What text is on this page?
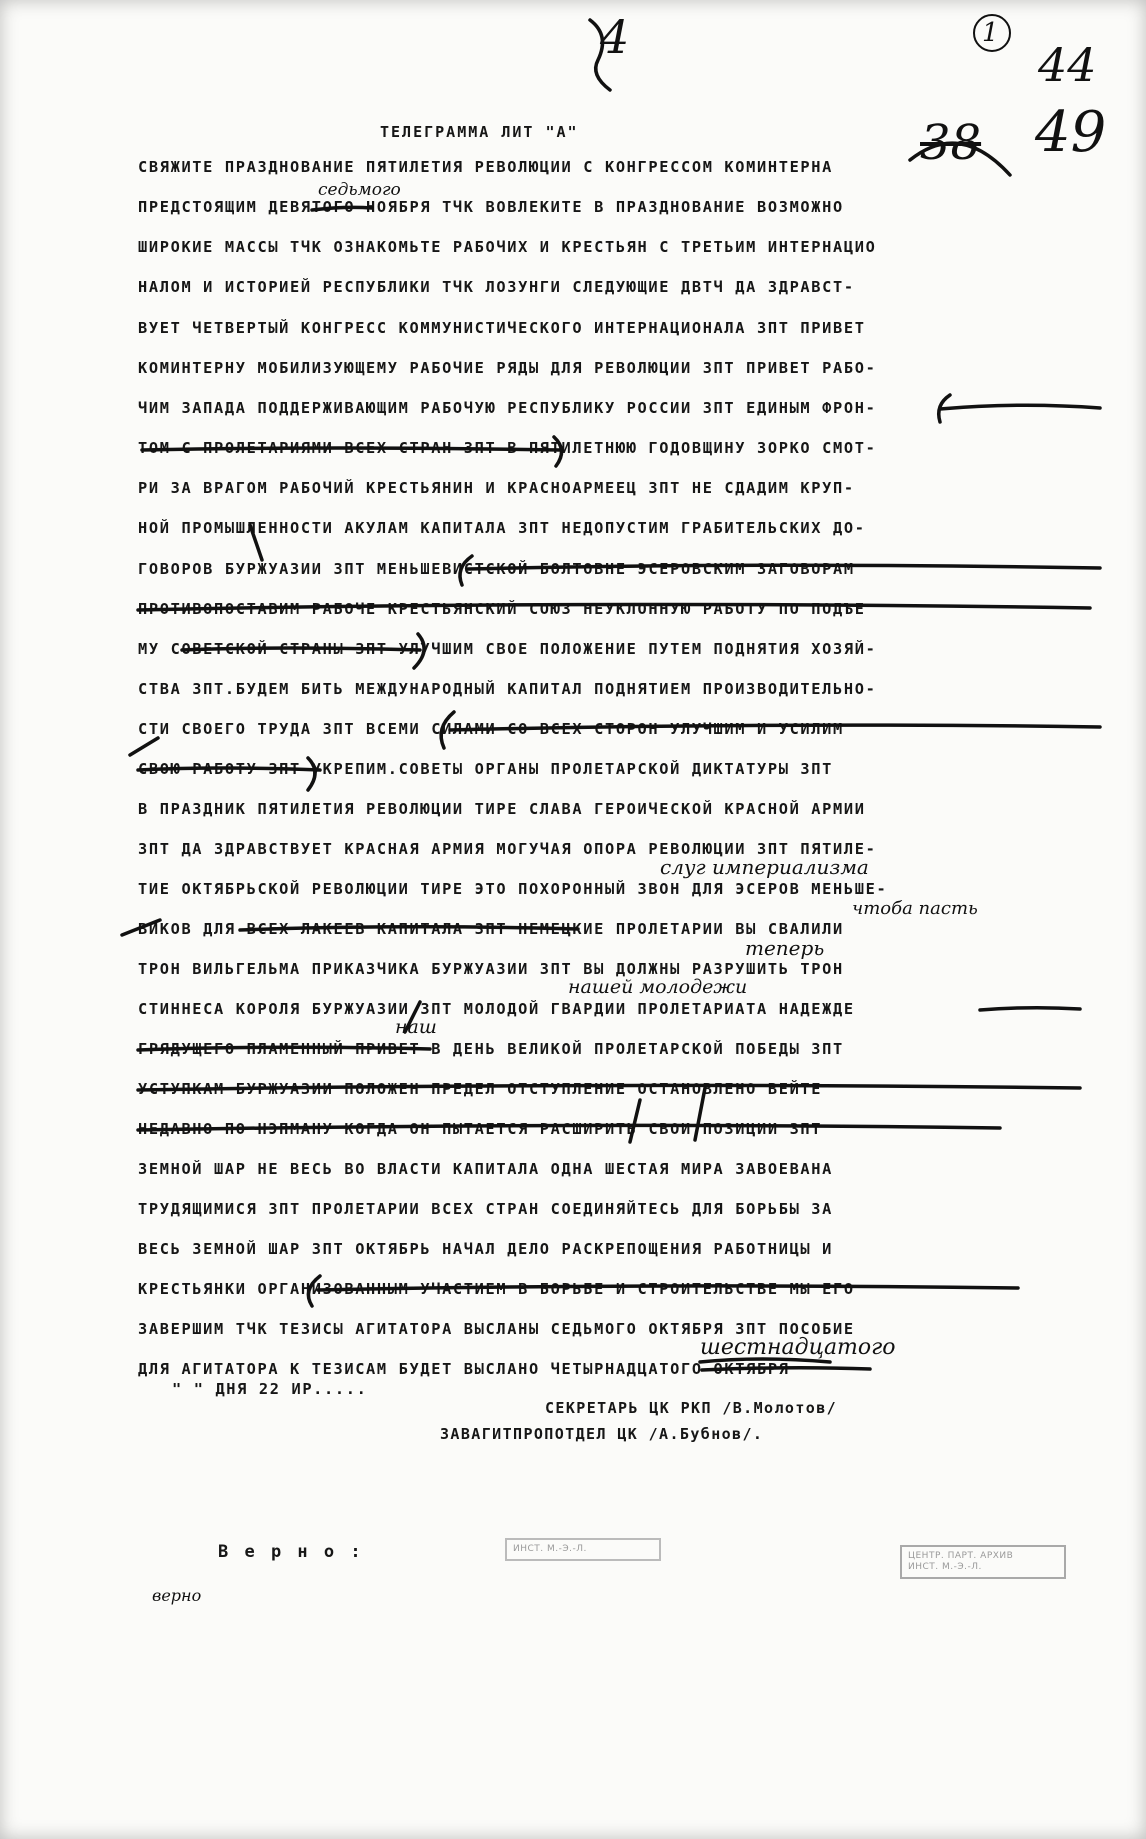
ТЕЛЕГРАММА ЛИТ "А"
СВЯЖИТЕ ПРАЗДНОВАНИЕ ПЯТИЛЕТИЯ РЕВОЛЮЦИИ С КОНГРЕССОМ КОМИНТЕРНА
ПРЕДСТОЯЩИМ ДЕВЯТОГО НОЯБРЯ ТЧК ВОВЛЕКИТЕ В ПРАЗДНОВАНИЕ ВОЗМОЖНО
ШИРОКИЕ МАССЫ ТЧК ОЗНАКОМЬТЕ РАБОЧИХ И КРЕСТЬЯН С ТРЕТЬИМ ИНТЕРНАЦИО
НАЛОМ И ИСТОРИЕЙ РЕСПУБЛИКИ ТЧК ЛОЗУНГИ СЛЕДУЮЩИЕ ДВТЧ ДА ЗДРАВСТ-
ВУЕТ ЧЕТВЕРТЫЙ КОНГРЕСС КОММУНИСТИЧЕСКОГО ИНТЕРНАЦИОНАЛА ЗПТ ПРИВЕТ
КОМИНТЕРНУ МОБИЛИЗУЮЩЕМУ РАБОЧИЕ РЯДЫ ДЛЯ РЕВОЛЮЦИИ ЗПТ ПРИВЕТ РАБО-
ЧИМ ЗАПАДА ПОДДЕРЖИВАЮЩИМ РАБОЧУЮ РЕСПУБЛИКУ РОССИИ ЗПТ ЕДИНЫМ ФРОН-
ТОМ С ПРОЛЕТАРИЯМИ ВСЕХ СТРАН ЗПТ В ПЯТИЛЕТНЮЮ ГОДОВЩИНУ ЗОРКО СМОТ-
РИ ЗА ВРАГОМ РАБОЧИЙ КРЕСТЬЯНИН И КРАСНОАРМЕЕЦ ЗПТ НЕ СДАДИМ КРУП-
НОЙ ПРОМЫШЛЕННОСТИ АКУЛАМ КАПИТАЛА ЗПТ НЕДОПУСТИМ ГРАБИТЕЛЬСКИХ ДО-
ГОВОРОВ БУРЖУАЗИИ ЗПТ МЕНЬШЕВИСТСКОЙ БОЛТОВНЕ ЭСЕРОВСКИМ ЗАГОВОРАМ
ПРОТИВОПОСТАВИМ РАБОЧЕ КРЕСТЬЯНСКИЙ СОЮЗ НЕУКЛОННУЮ РАБОТУ ПО ПОДЪЕ
МУ СОВЕТСКОЙ СТРАНЫ ЗПТ УЛУЧШИМ СВОЕ ПОЛОЖЕНИЕ ПУТЕМ ПОДНЯТИЯ ХОЗЯЙ-
СТВА ЗПТ.БУДЕМ БИТЬ МЕЖДУНАРОДНЫЙ КАПИТАЛ ПОДНЯТИЕМ ПРОИЗВОДИТЕЛЬНО-
СТИ СВОЕГО ТРУДА ЗПТ ВСЕМИ СИЛАМИ СО ВСЕХ СТОРОН УЛУЧШИМ И УСИЛИМ
СВОЮ РАБОТУ ЗПТ УКРЕПИМ.СОВЕТЫ ОРГАНЫ ПРОЛЕТАРСКОЙ ДИКТАТУРЫ ЗПТ
В ПРАЗДНИК ПЯТИЛЕТИЯ РЕВОЛЮЦИИ ТИРЕ СЛАВА ГЕРОИЧЕСКОЙ КРАСНОЙ АРМИИ
ЗПТ ДА ЗДРАВСТВУЕТ КРАСНАЯ АРМИЯ МОГУЧАЯ ОПОРА РЕВОЛЮЦИИ ЗПТ ПЯТИЛЕ-
ТИЕ ОКТЯБРЬСКОЙ РЕВОЛЮЦИИ ТИРЕ ЭТО ПОХОРОННЫЙ ЗВОН ДЛЯ ЭСЕРОВ МЕНЬШЕ-
ВИКОВ ДЛЯ ВСЕХ ЛАКЕЕВ КАПИТАЛА ЗПТ НЕМЕЦКИЕ ПРОЛЕТАРИИ ВЫ СВАЛИЛИ
ТРОН ВИЛЬГЕЛЬМА ПРИКАЗЧИКА БУРЖУАЗИИ ЗПТ ВЫ ДОЛЖНЫ РАЗРУШИТЬ ТРОН
СТИННЕСА КОРОЛЯ БУРЖУАЗИИ ЗПТ МОЛОДОЙ ГВАРДИИ ПРОЛЕТАРИАТА НАДЕЖДЕ
ГРЯДУЩЕГО ПЛАМЕННЫЙ ПРИВЕТ В ДЕНЬ ВЕЛИКОЙ ПРОЛЕТАРСКОЙ ПОБЕДЫ ЗПТ
УСТУПКАМ БУРЖУАЗИИ ПОЛОЖЕН ПРЕДЕЛ ОТСТУПЛЕНИЕ ОСТАНОВЛЕНО ВЕЙТЕ
НЕДАВНО ПО НЭПМАНУ КОГДА ОН ПЫТАЕТСЯ РАСШИРИТЬ СВОИ ПОЗИЦИИ ЗПТ
ЗЕМНОЙ ШАР НЕ ВЕСЬ ВО ВЛАСТИ КАПИТАЛА ОДНА ШЕСТАЯ МИРА ЗАВОЕВАНА
ТРУДЯЩИМИСЯ ЗПТ ПРОЛЕТАРИИ ВСЕХ СТРАН СОЕДИНЯЙТЕСЬ ДЛЯ БОРЬБЫ ЗА
ВЕСЬ ЗЕМНОЙ ШАР ЗПТ ОКТЯБРЬ НАЧАЛ ДЕЛО РАСКРЕПОЩЕНИЯ РАБОТНИЦЫ И
КРЕСТЬЯНКИ ОРГАНИЗОВАННЫМ УЧАСТИЕМ В БОРЬБЕ И СТРОИТЕЛЬСТВЕ МЫ ЕГО
ЗАВЕРШИМ ТЧК ТЕЗИСЫ АГИТАТОРА ВЫСЛАНЫ СЕДЬМОГО ОКТЯБРЯ ЗПТ ПОСОБИЕ
ДЛЯ АГИТАТОРА К ТЕЗИСАМ БУДЕТ ВЫСЛАНО ЧЕТЫРНАДЦАТОГО ОКТЯБРЯ
" " ДНЯ 22 ИР.....
СЕКРЕТАРЬ ЦК РКП /В.Молотов/
ЗАВАГИТПРОПОТДЕЛ ЦК /А.Бубнов/.
В е р н о :
4	1
44
49
38
седьмого
слуг империализма
чтоба пасть
теперь
нашей молодежи
наш
шестнадцатого
верно
ЦЕНТР. ПАРТ. АРХИВ
ИНСТ. М.-Э.-Л.
ИНСТ. М.-Э.-Л.
